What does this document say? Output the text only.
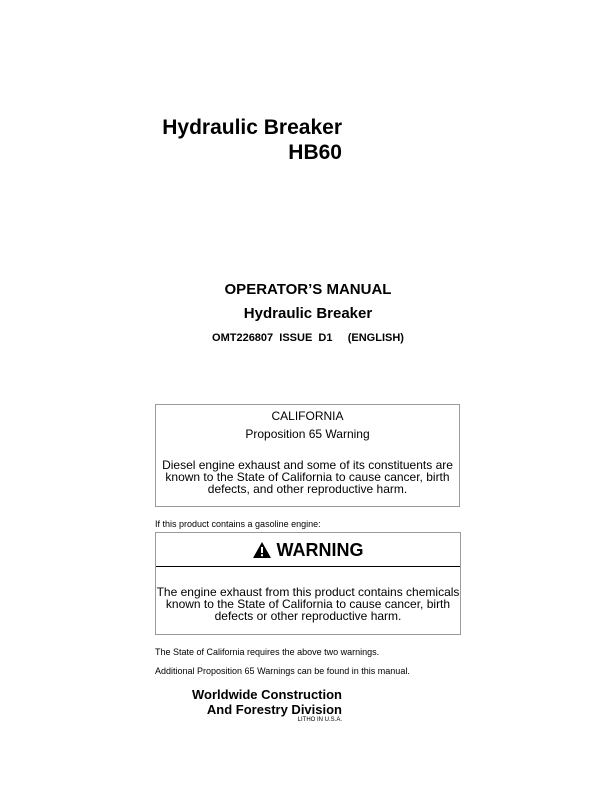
Hydraulic Breaker
HB60
OPERATOR’S MANUAL
Hydraulic Breaker
OMT226807  ISSUE  D1     (ENGLISH)
CALIFORNIA
Proposition 65 Warning
Diesel engine exhaust and some of its constituents are known to the State of California to cause cancer, birth defects, and other reproductive harm.
If this product contains a gasoline engine:
WARNING
The engine exhaust from this product contains chemicals known to the State of California to cause cancer, birth defects or other reproductive harm.
The State of California requires the above two warnings.
Additional Proposition 65 Warnings can be found in this manual.
Worldwide Construction
And Forestry Division
LITHO IN U.S.A.
